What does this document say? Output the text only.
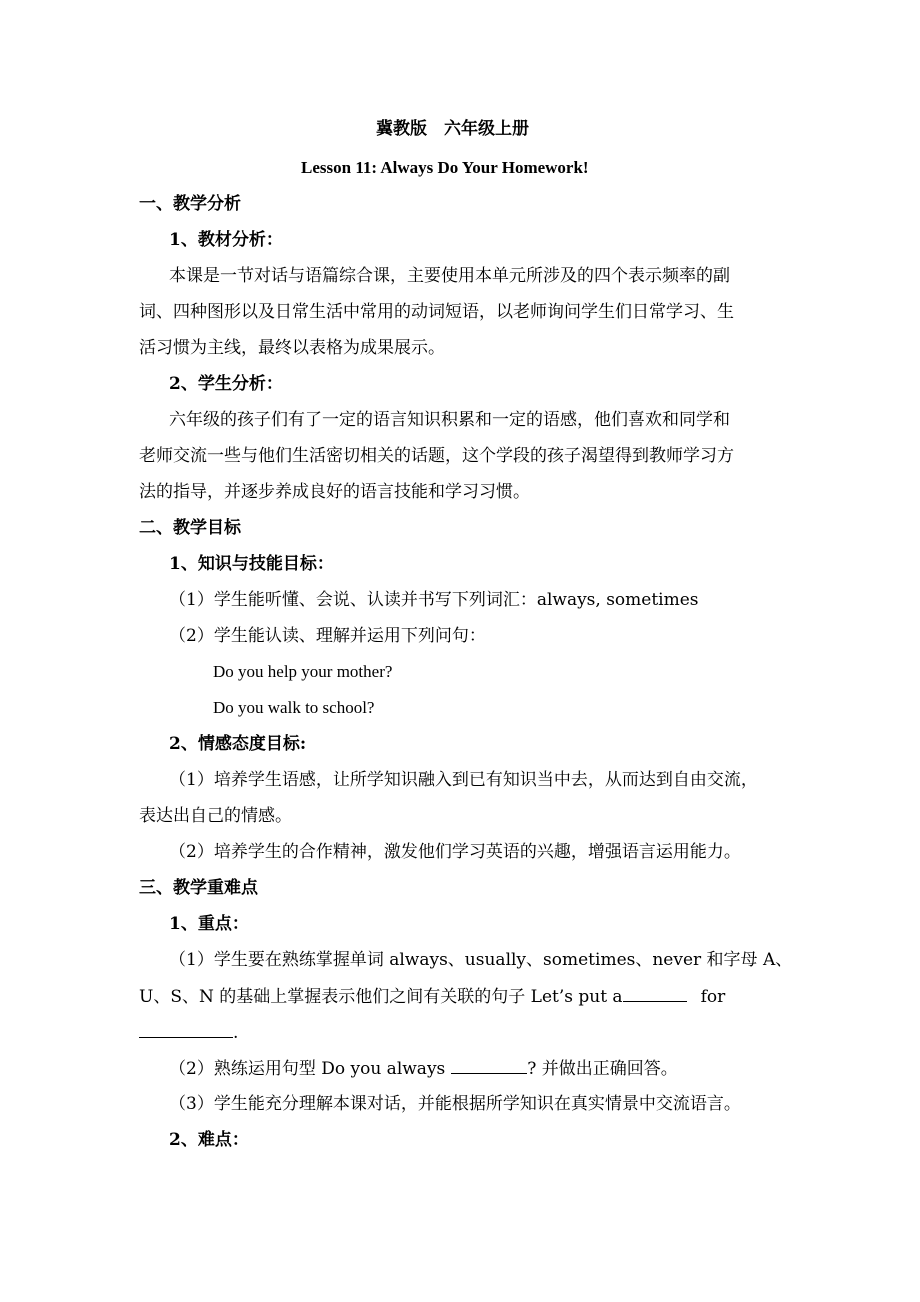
冀教版　六年级上册
Lesson 11: Always Do Your Homework!
一、教学分析
1、教材分析：
本课是一节对话与语篇综合课，主要使用本单元所涉及的四个表示频率的副
词、四种图形以及日常生活中常用的动词短语，以老师询问学生们日常学习、生
活习惯为主线，最终以表格为成果展示。
2、学生分析：
六年级的孩子们有了一定的语言知识积累和一定的语感，他们喜欢和同学和
老师交流一些与他们生活密切相关的话题，这个学段的孩子渴望得到教师学习方
法的指导，并逐步养成良好的语言技能和学习习惯。
二、教学目标
1、知识与技能目标：
（1）学生能听懂、会说、认读并书写下列词汇：always, sometimes
（2）学生能认读、理解并运用下列问句：
Do you help your mother?
Do you walk to school?
2、情感态度目标:
（1）培养学生语感，让所学知识融入到已有知识当中去，从而达到自由交流，
表达出自己的情感。
（2）培养学生的合作精神，激发他们学习英语的兴趣，增强语言运用能力。
三、教学重难点
1、重点：
（1）学生要在熟练掌握单词 always、usually、sometimes、never 和字母 A、
U、S、N 的基础上掌握表示他们之间有关联的句子 Let’s put a	for
.
（2）熟练运用句型 Do you always	? 并做出正确回答。
（3）学生能充分理解本课对话，并能根据所学知识在真实情景中交流语言。
2、难点：
